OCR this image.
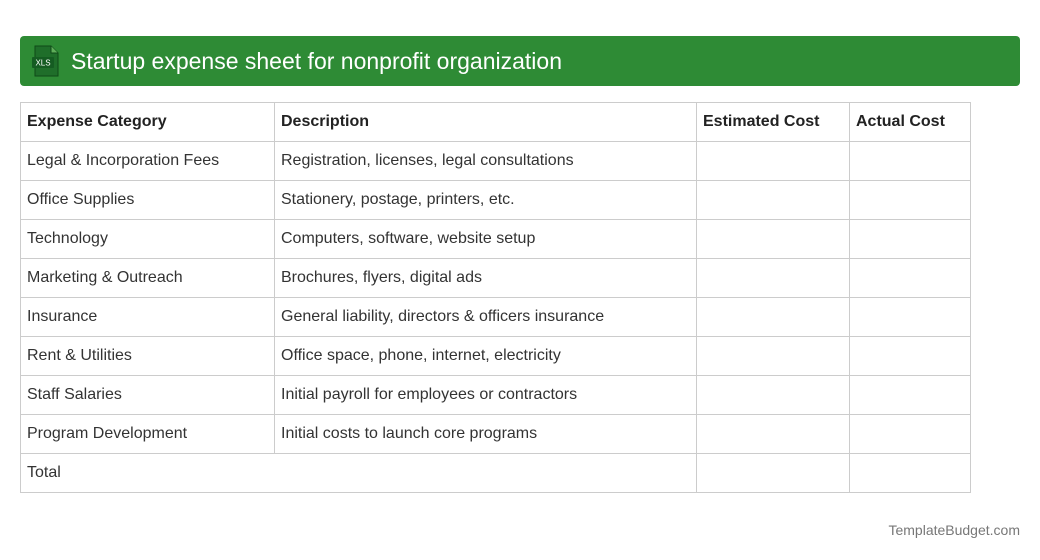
XLS Startup expense sheet for nonprofit organization
Expense Category	Description	Estimated Cost	Actual Cost
Legal & Incorporation Fees	Registration, licenses, legal consultations		
Office Supplies	Stationery, postage, printers, etc.		
Technology	Computers, software, website setup		
Marketing & Outreach	Brochures, flyers, digital ads		
Insurance	General liability, directors & officers insurance		
Rent & Utilities	Office space, phone, internet, electricity		
Staff Salaries	Initial payroll for employees or contractors		
Program Development	Initial costs to launch core programs		
Total			
TemplateBudget.com
